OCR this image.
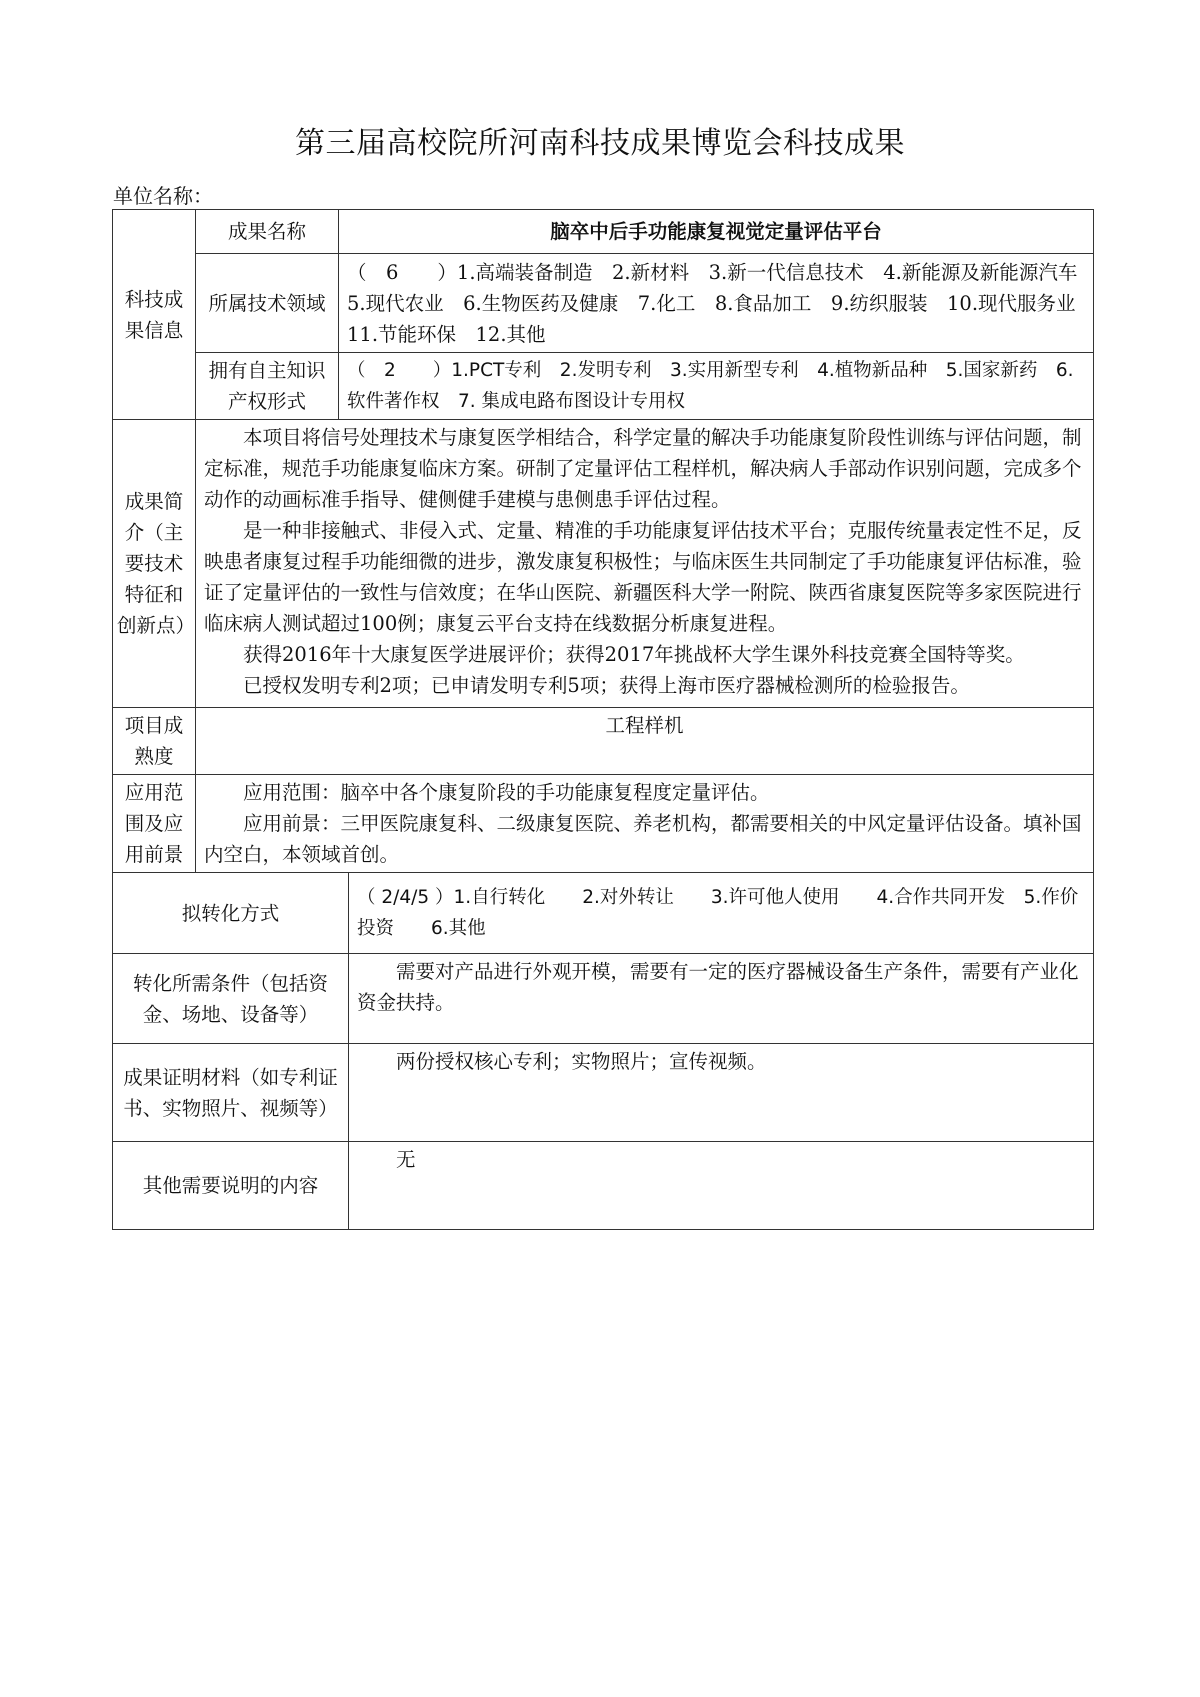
第三届高校院所河南科技成果博览会科技成果
单位名称：
科技成果信息	成果名称	脑卒中后手功能康复视觉定量评估平台	
	所属技术领域	（　6　　）1.高端装备制造　2.新材料　3.新一代信息技术　4.新能源及新能源汽车　5.现代农业　6.生物医药及健康　7.化工　8.食品加工　9.纺织服装　10.现代服务业　11.节能环保　12.其他	
	拥有自主知识产权形式	（　2　　）1.PCT专利　2.发明专利　3.实用新型专利　4.植物新品种　5.国家新药　6.软件著作权　7. 集成电路布图设计专用权	
成果简介（主要技术特征和创新点）	本项目将信号处理技术与康复医学相结合，科学定量的解决手功能康复阶段性训练与评估问题，制定标准，规范手功能康复临床方案。研制了定量评估工程样机，解决病人手部动作识别问题，完成多个动作的动画标准手指导、健侧健手建模与患侧患手评估过程。

是一种非接触式、非侵入式、定量、精准的手功能康复评估技术平台；克服传统量表定性不足，反映患者康复过程手功能细微的进步，激发康复积极性；与临床医生共同制定了手功能康复评估标准，验证了定量评估的一致性与信效度；在华山医院、新疆医科大学一附院、陕西省康复医院等多家医院进行临床病人测试超过100例；康复云平台支持在线数据分析康复进程。

获得2016年十大康复医学进展评价；获得2017年挑战杯大学生课外科技竞赛全国特等奖。

已授权发明专利2项；已申请发明专利5项；获得上海市医疗器械检测所的检验报告。		

项目成熟度	工程样机		
应用范围及应用前景	应用范围：脑卒中各个康复阶段的手功能康复程度定量评估。

应用前景：三甲医院康复科、二级康复医院、养老机构，都需要相关的中风定量评估设备。填补国内空白，本领域首创。		

拟转化方式			（ 2/4/5 ）1.自行转化　　2.对外转让　　3.许可他人使用　　4.合作共同开发　5.作价投资　　6.其他
转化所需条件（包括资金、场地、设备等）			需要对产品进行外观开模，需要有一定的医疗器械设备生产条件，需要有产业化资金扶持。

成果证明材料（如专利证书、实物照片、视频等）			两份授权核心专利；实物照片；宣传视频。

其他需要说明的内容			无
